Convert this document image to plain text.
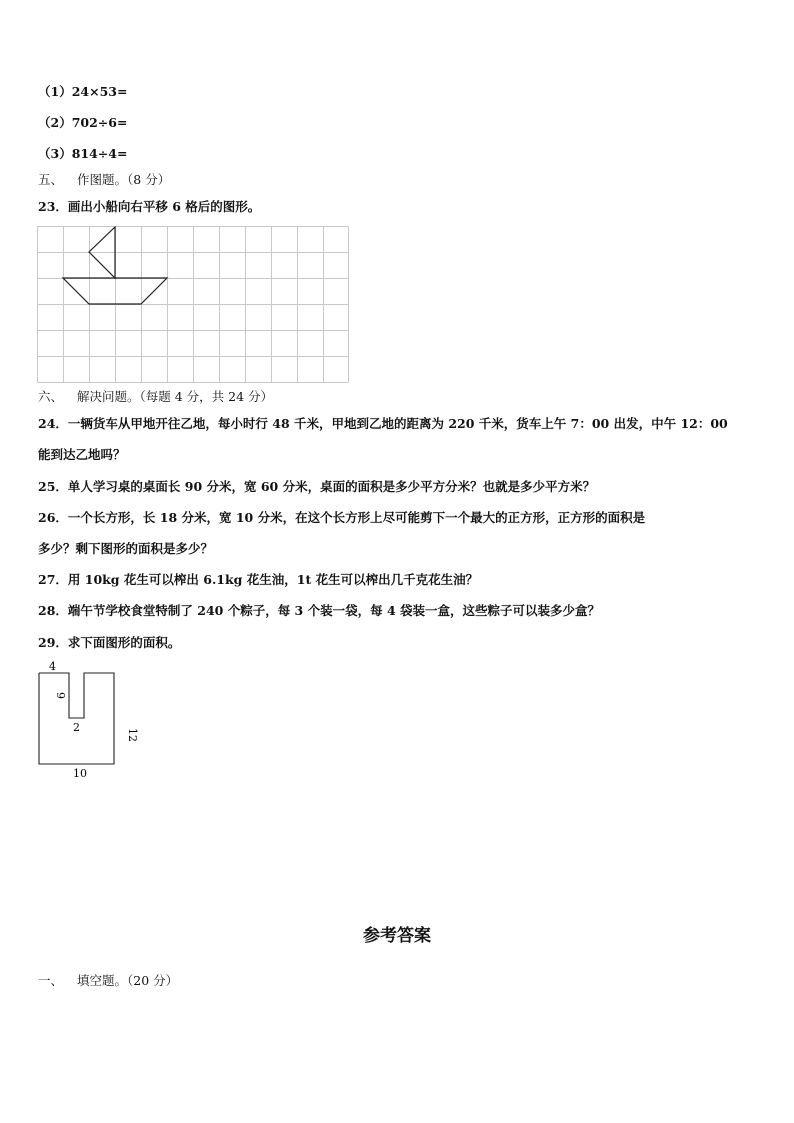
（1）24×53=
（2）702÷6=
（3）814÷4=
五、 作图题。（8 分）
23．画出小船向右平移 6 格后的图形。
六、 解决问题。（每题 4 分，共 24 分）
24．一辆货车从甲地开往乙地，每小时行 48 千米，甲地到乙地的距离为 220 千米，货车上午 7：00 出发，中午 12：00
能到达乙地吗？
25．单人学习桌的桌面长 90 分米，宽 60 分米，桌面的面积是多少平方分米？也就是多少平方米？
26．一个长方形，长 18 分米，宽 10 分米，在这个长方形上尽可能剪下一个最大的正方形，正方形的面积是
多少？剩下图形的面积是多少？
27．用 10kg 花生可以榨出 6.1kg 花生油，1t 花生可以榨出几千克花生油？
28．端午节学校食堂特制了 240 个粽子，每 3 个装一袋，每 4 袋装一盒，这些粽子可以装多少盒？
29．求下面图形的面积。
4
6
2
12
10
参考答案
一、 填空题。（20 分）
